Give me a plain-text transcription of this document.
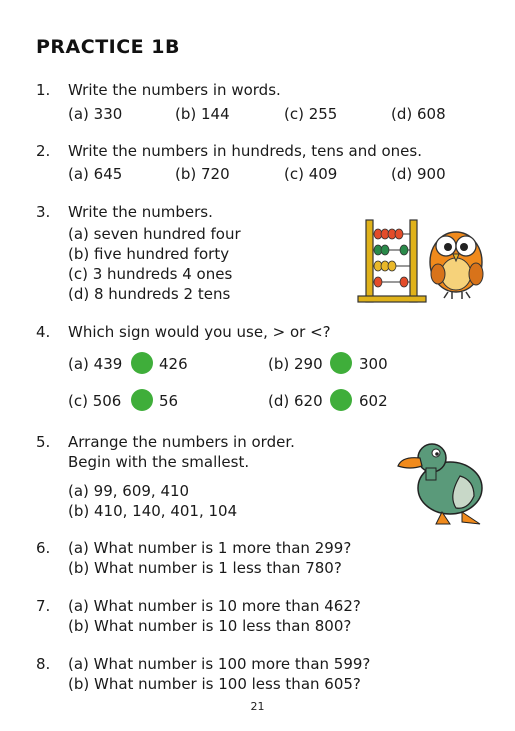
PRACTICE 1B
1. Write the numbers in words.
(a) 330	(b) 144	(c) 255	(d) 608
2. Write the numbers in hundreds, tens and ones.
(a) 645	(b) 720	(c) 409	(d) 900
3. Write the numbers.
(a) seven hundred four
(b) five hundred forty
(c) 3 hundreds 4 ones
(d) 8 hundreds 2 tens
4. Which sign would you use, > or <?
(a) 439 426	(b) 290 300
(c) 506	56	(d) 620 602
5. Arrange the numbers in order.
Begin with the smallest.
(a) 99, 609, 410
(b) 410, 140, 401, 104
6. (a) What number is 1 more than 299?
(b) What number is 1 less than 780?
7. (a) What number is 10 more than 462?
(b) What number is 10 less than 800?
8. (a) What number is 100 more than 599?
(b) What number is 100 less than 605?
21
